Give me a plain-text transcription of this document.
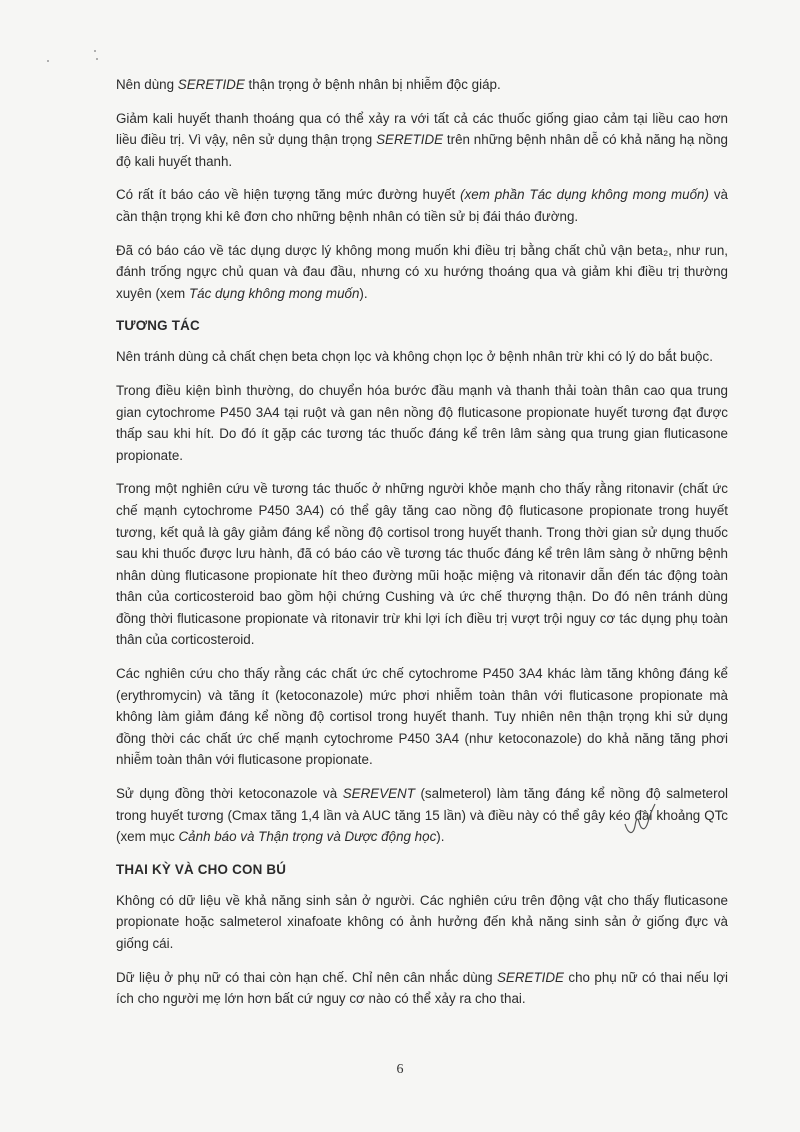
Nên dùng SERETIDE thận trọng ở bệnh nhân bị nhiễm độc giáp.

Giảm kali huyết thanh thoáng qua có thể xảy ra với tất cả các thuốc giống giao cảm tại liều cao hơn liều điều trị. Vì vậy, nên sử dụng thận trọng SERETIDE trên những bệnh nhân dễ có khả năng hạ nồng độ kali huyết thanh.

Có rất ít báo cáo về hiện tượng tăng mức đường huyết (xem phần Tác dụng không mong muốn) và cần thận trọng khi kê đơn cho những bệnh nhân có tiền sử bị đái tháo đường.

Đã có báo cáo về tác dụng dược lý không mong muốn khi điều trị bằng chất chủ vận beta₂, như run, đánh trống ngực chủ quan và đau đầu, nhưng có xu hướng thoáng qua và giảm khi điều trị thường xuyên (xem Tác dụng không mong muốn).

TƯƠNG TÁC

Nên tránh dùng cả chất chẹn beta chọn lọc và không chọn lọc ở bệnh nhân trừ khi có lý do bắt buộc.

Trong điều kiện bình thường, do chuyển hóa bước đầu mạnh và thanh thải toàn thân cao qua trung gian cytochrome P450 3A4 tại ruột và gan nên nồng độ fluticasone propionate huyết tương đạt được thấp sau khi hít. Do đó ít gặp các tương tác thuốc đáng kể trên lâm sàng qua trung gian fluticasone propionate.

Trong một nghiên cứu về tương tác thuốc ở những người khỏe mạnh cho thấy rằng ritonavir (chất ức chế mạnh cytochrome P450 3A4) có thể gây tăng cao nồng độ fluticasone propionate trong huyết tương, kết quả là gây giảm đáng kể nồng độ cortisol trong huyết thanh. Trong thời gian sử dụng thuốc sau khi thuốc được lưu hành, đã có báo cáo về tương tác thuốc đáng kể trên lâm sàng ở những bệnh nhân dùng fluticasone propionate hít theo đường mũi hoặc miệng và ritonavir dẫn đến tác động toàn thân của corticosteroid bao gồm hội chứng Cushing và ức chế thượng thận. Do đó nên tránh dùng đồng thời fluticasone propionate và ritonavir trừ khi lợi ích điều trị vượt trội nguy cơ tác dụng phụ toàn thân của corticosteroid.

Các nghiên cứu cho thấy rằng các chất ức chế cytochrome P450 3A4 khác làm tăng không đáng kể (erythromycin) và tăng ít (ketoconazole) mức phơi nhiễm toàn thân với fluticasone propionate mà không làm giảm đáng kể nồng độ cortisol trong huyết thanh. Tuy nhiên nên thận trọng khi sử dụng đồng thời các chất ức chế mạnh cytochrome P450 3A4 (như ketoconazole) do khả năng tăng phơi nhiễm toàn thân với fluticasone propionate.

Sử dụng đồng thời ketoconazole và SEREVENT (salmeterol) làm tăng đáng kể nồng độ salmeterol trong huyết tương (Cmax tăng 1,4 lần và AUC tăng 15 lần) và điều này có thể gây kéo dài khoảng QTc (xem mục Cảnh báo và Thận trọng và Dược động học).

THAI KỲ VÀ CHO CON BÚ

Không có dữ liệu về khả năng sinh sản ở người. Các nghiên cứu trên động vật cho thấy fluticasone propionate hoặc salmeterol xinafoate không có ảnh hưởng đến khả năng sinh sản ở giống đực và giống cái.

Dữ liệu ở phụ nữ có thai còn hạn chế. Chỉ nên cân nhắc dùng SERETIDE cho phụ nữ có thai nếu lợi ích cho người mẹ lớn hơn bất cứ nguy cơ nào có thể xảy ra cho thai.

6
